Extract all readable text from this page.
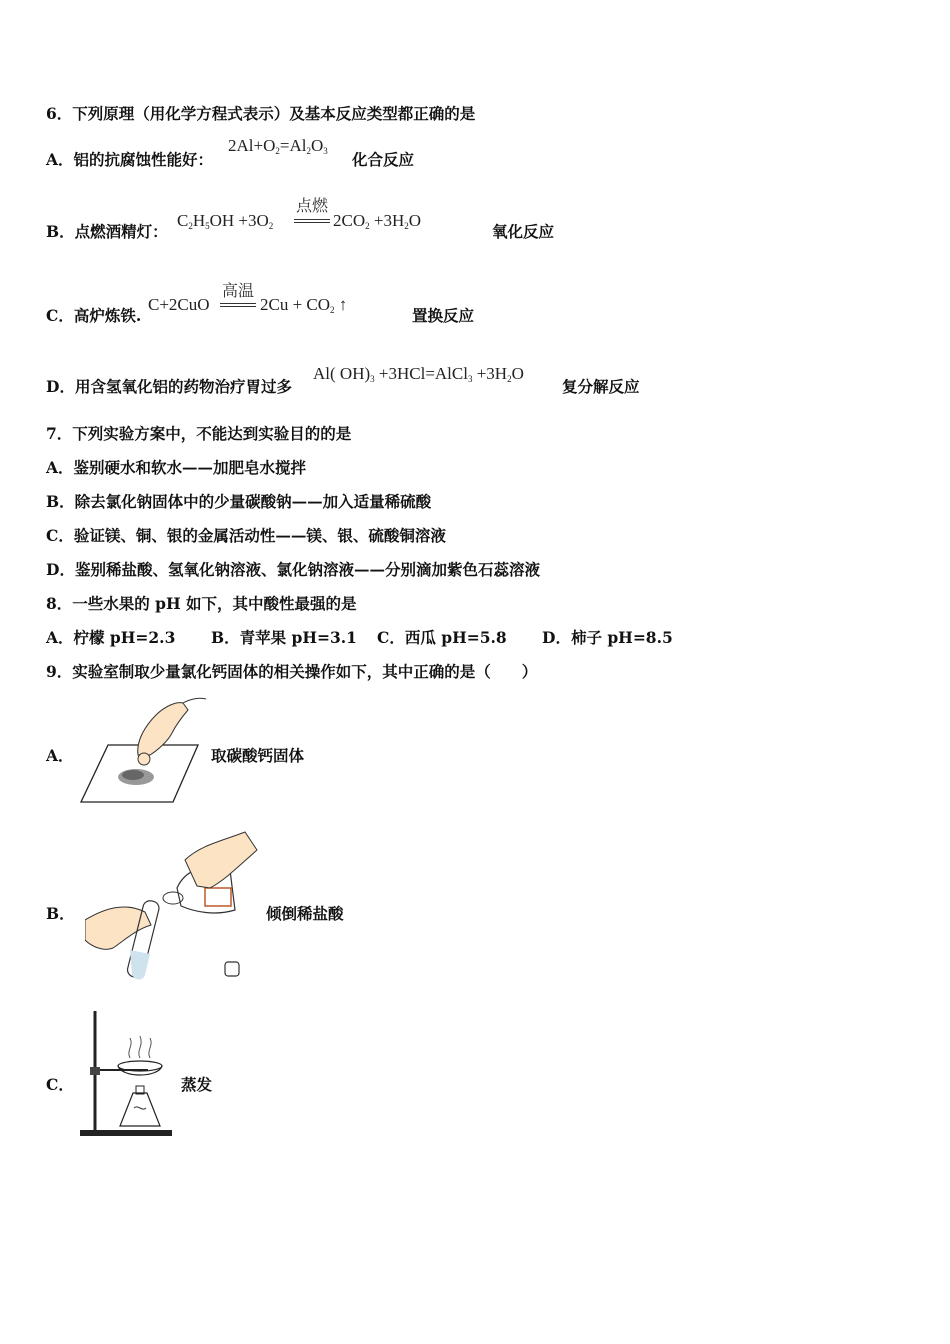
6．下列原理（用化学方程式表示）及基本反应类型都正确的是
A．铝的抗腐蚀性能好：
$2Al+O_2=Al_2O_3$ 化合反应
B．点燃酒精灯：
$C_2H_5OH +3O_2$
点燃
$2CO_2 +3H_2O$
氧化反应
C．高炉炼铁.
C+2CuO
高温
$2Cu + CO_2$ ↑
置换反应
D．用含氢氧化铝的药物治疗胃过多
Al( $OH)_3$ +3HCl=AlCl$_3$ $+3H_2O$
复分解反应
7．下列实验方案中，不能达到实验目的的是
A．鉴别硬水和软水——加肥皂水搅拌
B．除去氯化钠固体中的少量碳酸钠——加入适量稀硫酸
C．验证镁、铜、银的金属活动性——镁、银、硫酸铜溶液
D．鉴别稀盐酸、氢氧化钠溶液、氯化钠溶液——分别滴加紫色石蕊溶液
8．一些水果的 pH 如下，其中酸性最强的是
A．柠檬 pH=2.3 B．青苹果 pH=3.1 C．西瓜 pH=5.8 D．柿子 pH=8.5
9．实验室制取少量氯化钙固体的相关操作如下，其中正确的是（　　）
A．	取碳酸钙固体
B．	倾倒稀盐酸
C．	蒸发
